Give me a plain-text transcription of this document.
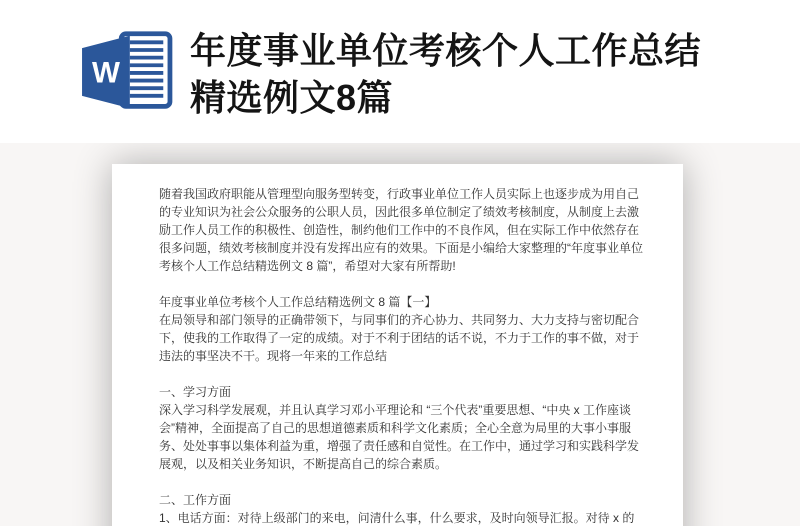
W
年度事业单位考核个人工作总结精选例文8篇

随着我国政府职能从管理型向服务型转变，行政事业单位工作人员实际上也逐步成为用自己的专业知识为社会公众服务的公职人员，因此很多单位制定了绩效考核制度，从制度上去激励工作人员工作的积极性、创造性，制约他们工作中的不良作风，但在实际工作中依然存在很多问题，绩效考核制度并没有发挥出应有的效果。下面是小编给大家整理的“年度事业单位考核个人工作总结精选例文 8 篇”，希望对大家有所帮助!

年度事业单位考核个人工作总结精选例文 8 篇【一】

在局领导和部门领导的正确带领下，与同事们的齐心协力、共同努力、大力支持与密切配合下，使我的工作取得了一定的成绩。对于不利于团结的话不说，不力于工作的事不做，对于违法的事坚决不干。现将一年来的工作总结

一、学习方面

深入学习科学发展观，并且认真学习邓小平理论和 “三个代表”重要思想、“中央 x 工作座谈会”精神，全面提高了自己的思想道德素质和科学文化素质；全心全意为局里的大事小事服务、处处事事以集体利益为重，增强了责任感和自觉性。在工作中，通过学习和实践科学发展观，以及相关业务知识，不断提高自己的综合素质。

二、工作方面

1、电话方面：对待上级部门的来电，问清什么事，什么要求，及时向领导汇报。对待 x 的
